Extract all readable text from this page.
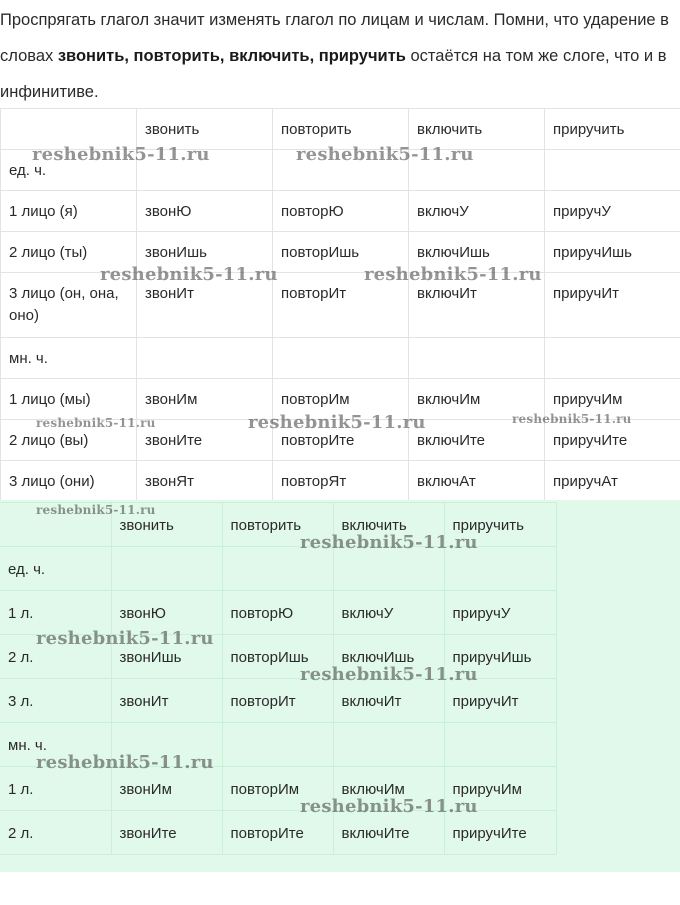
Проспрягать глагол значит изменять глагол по лицам и числам. Помни, что ударение в словах звонить, повторить, включить, приручить остаётся на том же слоге, что и в инфинитиве.
	звонить	повторить	включить	приручить
ед. ч.				
1 лицо (я)	звонЮ	повторЮ	включУ	приручУ
2 лицо (ты)	звонИшь	повторИшь	включИшь	приручИшь
3 лицо (он, она, оно)	звонИт	повторИт	включИт	приручИт
мн. ч.				
1 лицо (мы)	звонИм	повторИм	включИм	приручИм
2 лицо (вы)	звонИте	повторИте	включИте	приручИте
3 лицо (они)	звонЯт	повторЯт	включАт	приручАт
	звонить	повторить	включить	приручить
ед. ч.				
1 л.	звонЮ	повторЮ	включУ	приручУ
2 л.	звонИшь	повторИшь	включИшь	приручИшь
3 л.	звонИт	повторИт	включИт	приручИт
мн. ч.				
1 л.	звонИм	повторИм	включИм	приручИм
2 л.	звонИте	повторИте	включИте	приручИте
reshebnik5-11.ru	reshebnik5-11.ru
reshebnik5-11.ru	reshebnik5-11.ru
reshebnik5-11.ru	reshebnik5-11.ru	reshebnik5-11.ru
reshebnik5-11.ru
reshebnik5-11.ru
reshebnik5-11.ru
reshebnik5-11.ru
reshebnik5-11.ru
reshebnik5-11.ru
